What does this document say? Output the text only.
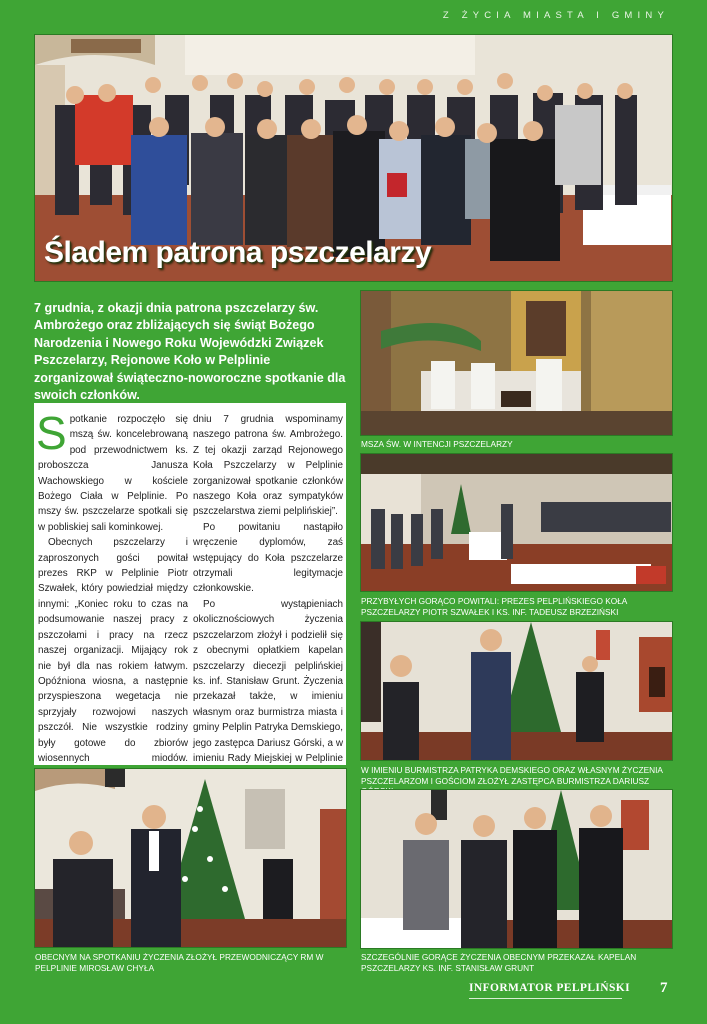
Z ŻYCIA MIASTA I GMINY
Śladem patrona pszczelarzy
7 grudnia, z okazji dnia patrona pszczelarzy św. Ambrożego oraz zbliżających się świąt Bożego Narodzenia i Nowego Roku Wojewódzki Związek Pszczelarzy, Rejonowe Koło w Pelplinie zorganizował świąteczno-noworoczne spotkanie dla swoich członków.

Spotkanie rozpoczęło się mszą św. koncelebrowaną pod przewodnictwem ks. proboszcza Janusza Wachowskiego w kościele Bożego Ciała w Pelplinie. Po mszy św. pszczelarze spotkali się w pobliskiej sali kominkowej.

Obecnych pszczelarzy i zaproszonych gości powitał prezes RKP w Pelplinie Piotr Szwałek, który powiedział między innymi: „Koniec roku to czas na podsumowanie naszej pracy z pszczołami i pracy na rzecz naszej organizacji. Mijający rok nie był dla nas rokiem łatwym. Opóźniona wiosna, a następnie przyspieszona wegetacja nie sprzyjały rozwojowi naszych pszczół. Nie wszystkie rodziny były gotowe do zbiorów wiosennych miodów.

dniu 7 grudnia wspominamy naszego patrona św. Ambrożego. Z tej okazji zarząd Rejonowego Koła Pszczelarzy w Pelplinie zorganizował spotkanie członków naszego Koła oraz sympatyków pszczelarstwa ziemi pelplińskiej”.

Po powitaniu nastąpiło wręczenie dyplomów, zaś wstępujący do Koła pszczelarze otrzymali legitymacje członkowskie.

Po wystąpieniach okolicznościowych życzenia pszczelarzom złożył i podzielił się z obecnymi opłatkiem kapelan pszczelarzy diecezji pelplińskiej ks. inf. Stanisław Grunt. Życzenia przekazał także, w imieniu własnym oraz burmistrza miasta i gminy Pelplin Patryka Demskiego, jego zastępca Dariusz Górski, a w imieniu Rady Miejskiej w Pelplinie

MSZA ŚW. W INTENCJI PSZCZELARZY
PRZYBYŁYCH GORĄCO POWITALI: PREZES PELPLIŃSKIEGO KOŁA PSZCZELARZY PIOTR SZWAŁEK I KS. INF. TADEUSZ BRZEZIŃSKI
W IMIENIU BURMISTRZA PATRYKA DEMSKIEGO ORAZ WŁASNYM ŻYCZENIA PSZCZELARZOM I GOŚCIOM ZŁOŻYŁ ZASTĘPCA BURMISTRZA DARIUSZ
OBECNYM NA SPOTKANIU ŻYCZENIA ZŁOŻYŁ PRZEWODNICZĄCY RM W PELPLINIE MIROSŁAW CHYŁA
SZCZEGÓLNIE GORĄCE ŻYCZENIA OBECNYM PRZEKAZAŁ KAPELAN PSZCZELARZY KS. INF. STANISŁAW GRUNT
INFORMATOR PELPLIŃSKI 7
